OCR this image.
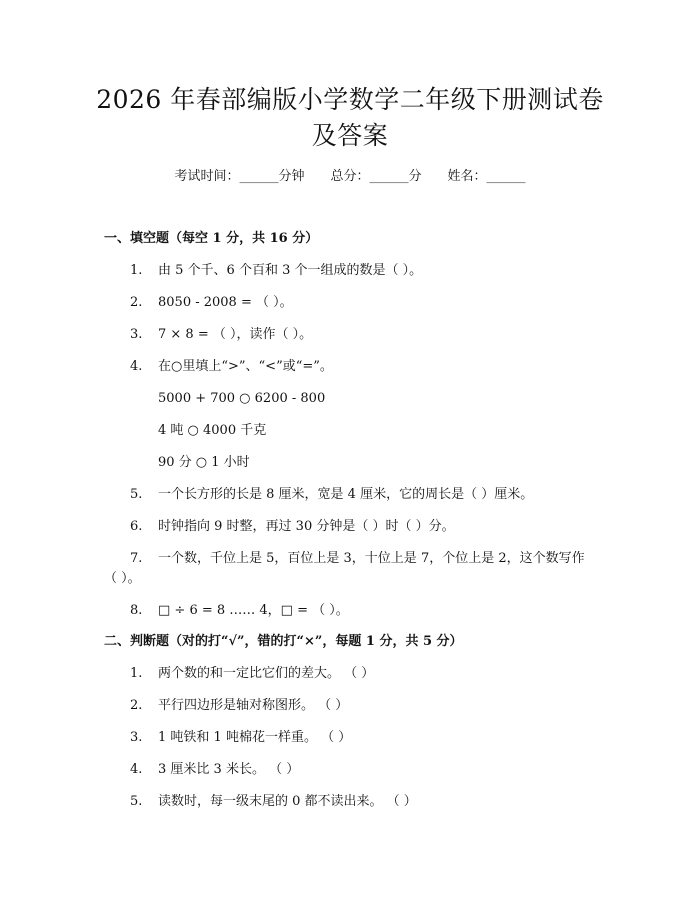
2026 年春部编版小学数学二年级下册测试卷
及答案
考试时间：______分钟 总分：______分 姓名：______
一、填空题（每空 1 分，共 16 分）
1. 由 5 个千、6 个百和 3 个一组成的数是（ ）。
2. 8050 - 2008 = （ ）。
3. 7 × 8 = （ ），读作（ ）。
4. 在○里填上“>”、“<”或“=”。
5000 + 700 ○ 6200 - 800
4 吨 ○ 4000 千克
90 分 ○ 1 小时
5. 一个长方形的长是 8 厘米，宽是 4 厘米，它的周长是（ ）厘米。
6. 时钟指向 9 时整，再过 30 分钟是（ ）时（ ）分。
7. 一个数，千位上是 5，百位上是 3，十位上是 7，个位上是 2，这个数写作
（ ）。
8. □ ÷ 6 = 8 …… 4，□ = （ ）。
二、判断题（对的打“√”，错的打“×”，每题 1 分，共 5 分）
1. 两个数的和一定比它们的差大。 （ ）
2. 平行四边形是轴对称图形。 （ ）
3. 1 吨铁和 1 吨棉花一样重。 （ ）
4. 3 厘米比 3 米长。 （ ）
5. 读数时，每一级末尾的 0 都不读出来。 （ ）
